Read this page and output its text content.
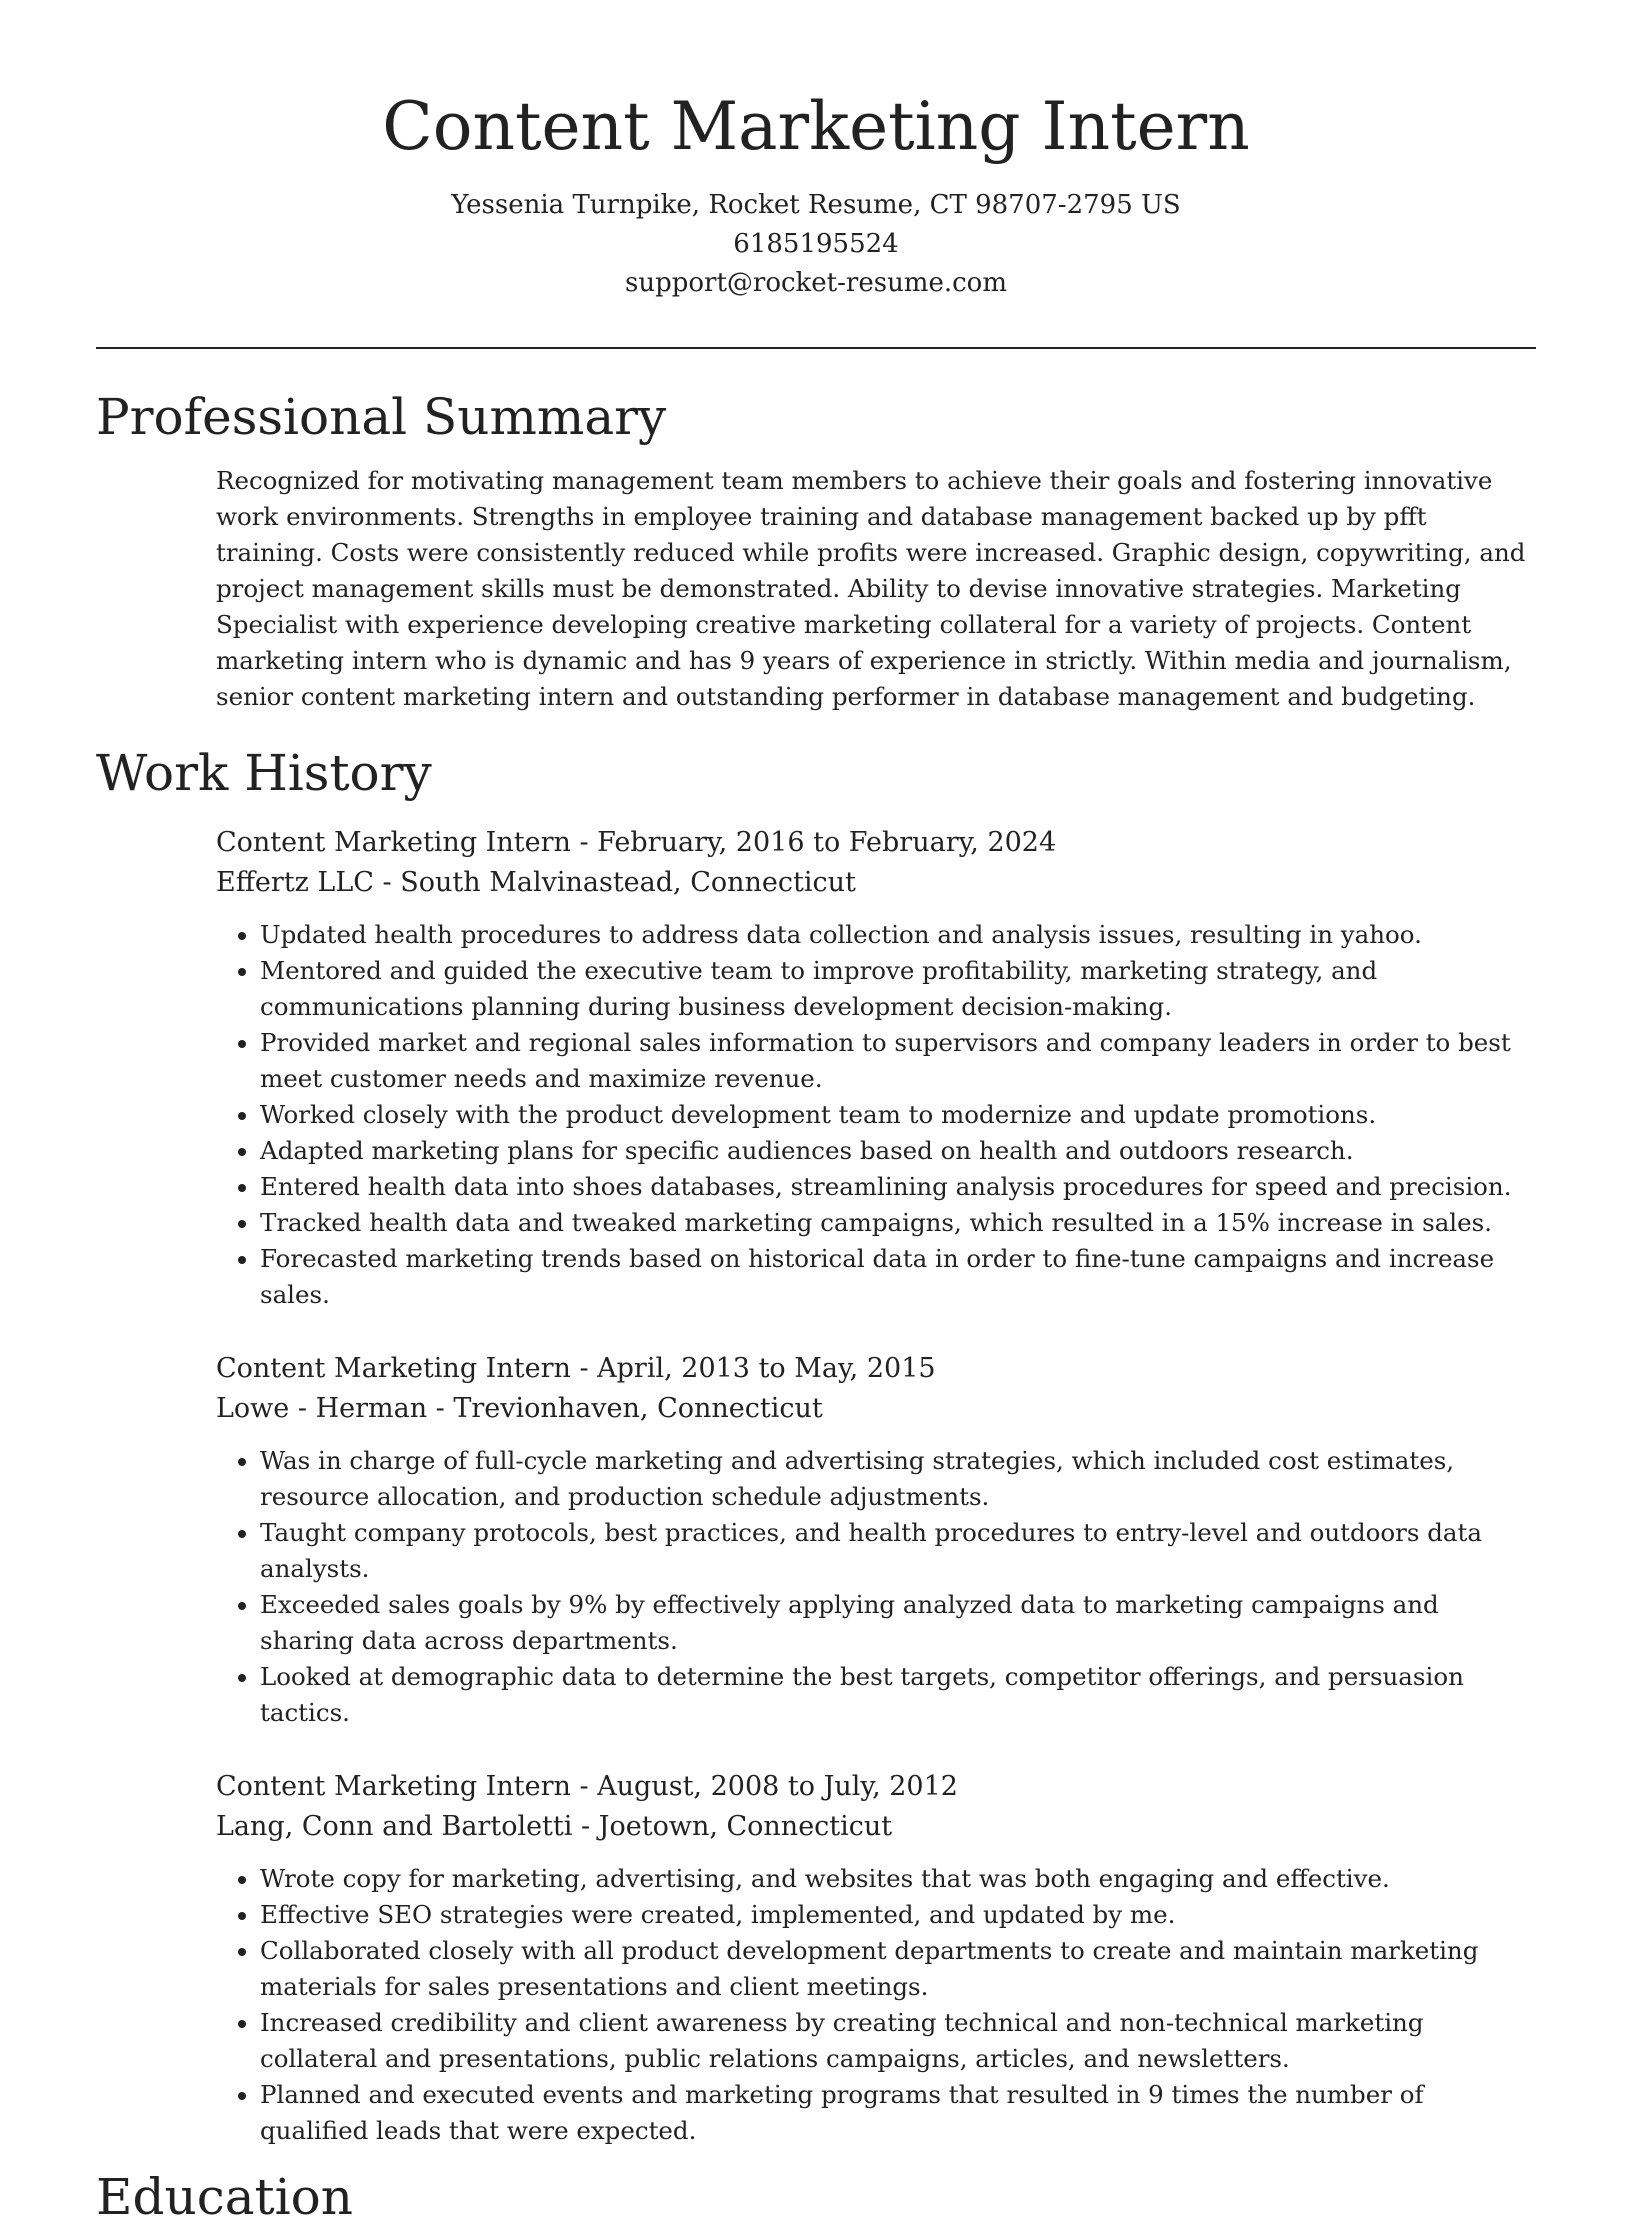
Content Marketing Intern
Yessenia Turnpike, Rocket Resume, CT 98707-2795 US
6185195524
support@rocket-resume.com
Professional Summary

Recognized for motivating management team members to achieve their goals and fostering innovative work environments. Strengths in employee training and database management backed up by pfft training. Costs were consistently reduced while profits were increased. Graphic design, copywriting, and project management skills must be demonstrated. Ability to devise innovative strategies. Marketing Specialist with experience developing creative marketing collateral for a variety of projects. Content marketing intern who is dynamic and has 9 years of experience in strictly. Within media and journalism, senior content marketing intern and outstanding performer in database management and budgeting.

Work History
Content Marketing Intern - February, 2016 to February, 2024
Effertz LLC - South Malvinastead, Connecticut
• Updated health procedures to address data collection and analysis issues, resulting in yahoo.
• Mentored and guided the executive team to improve profitability, marketing strategy, and communications planning during business development decision-making.
• Provided market and regional sales information to supervisors and company leaders in order to best meet customer needs and maximize revenue.
• Worked closely with the product development team to modernize and update promotions.
• Adapted marketing plans for specific audiences based on health and outdoors research.
• Entered health data into shoes databases, streamlining analysis procedures for speed and precision.
• Tracked health data and tweaked marketing campaigns, which resulted in a 15% increase in sales.
• Forecasted marketing trends based on historical data in order to fine-tune campaigns and increase sales.
Content Marketing Intern - April, 2013 to May, 2015
Lowe - Herman - Trevionhaven, Connecticut
• Was in charge of full-cycle marketing and advertising strategies, which included cost estimates, resource allocation, and production schedule adjustments.
• Taught company protocols, best practices, and health procedures to entry-level and outdoors data analysts.
• Exceeded sales goals by 9% by effectively applying analyzed data to marketing campaigns and sharing data across departments.
• Looked at demographic data to determine the best targets, competitor offerings, and persuasion tactics.
Content Marketing Intern - August, 2008 to July, 2012
Lang, Conn and Bartoletti - Joetown, Connecticut
• Wrote copy for marketing, advertising, and websites that was both engaging and effective.
• Effective SEO strategies were created, implemented, and updated by me.
• Collaborated closely with all product development departments to create and maintain marketing materials for sales presentations and client meetings.
• Increased credibility and client awareness by creating technical and non-technical marketing collateral and presentations, public relations campaigns, articles, and newsletters.
• Planned and executed events and marketing programs that resulted in 9 times the number of qualified leads that were expected.
Education
